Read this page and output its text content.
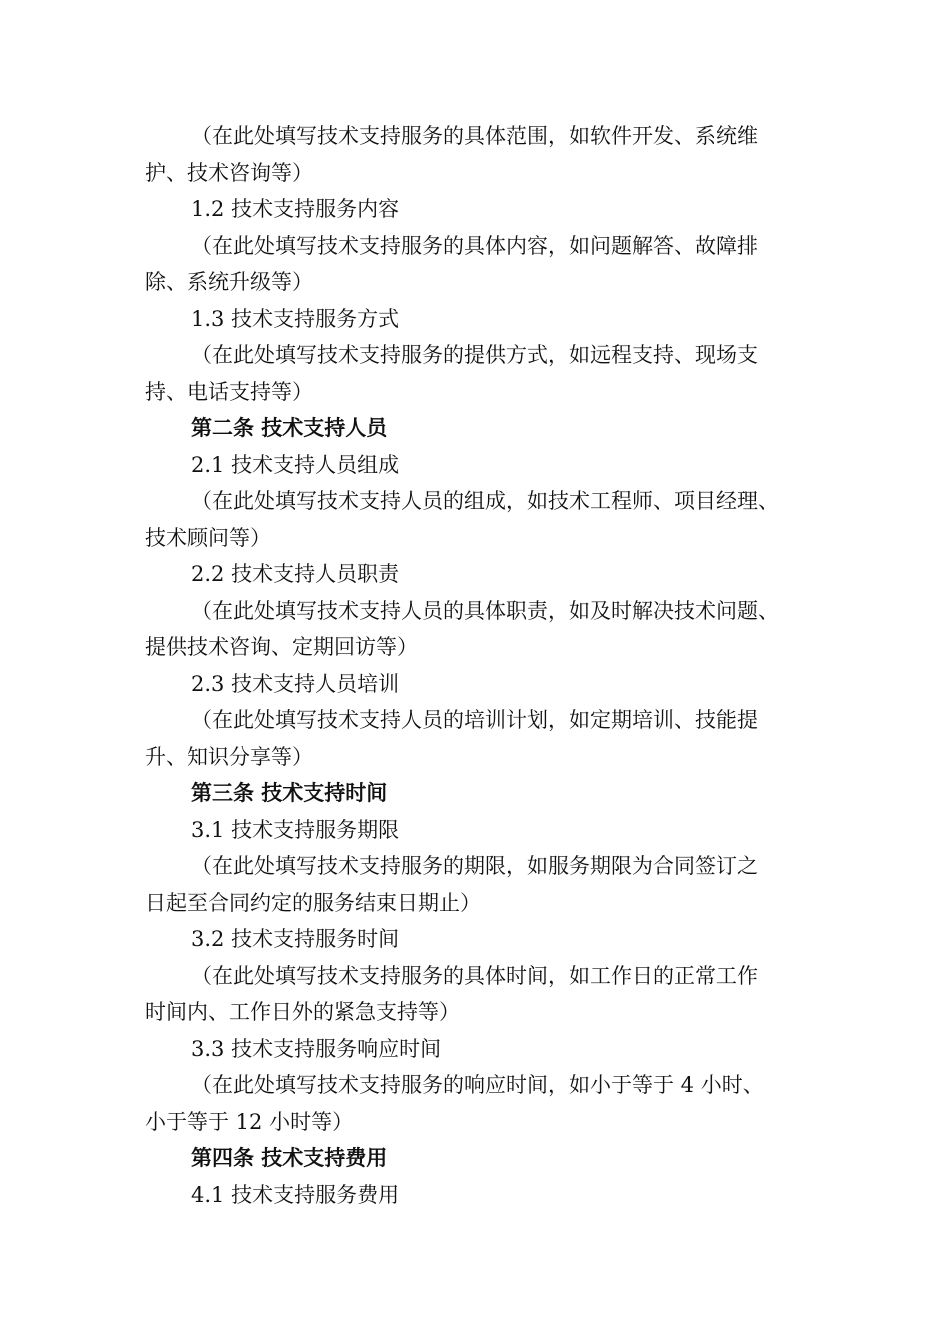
（在此处填写技术支持服务的具体范围，如软件开发、系统维
护、技术咨询等）
1.2 技术支持服务内容
（在此处填写技术支持服务的具体内容，如问题解答、故障排
除、系统升级等）
1.3 技术支持服务方式
（在此处填写技术支持服务的提供方式，如远程支持、现场支
持、电话支持等）
第二条 技术支持人员
2.1 技术支持人员组成
（在此处填写技术支持人员的组成，如技术工程师、项目经理、
技术顾问等）
2.2 技术支持人员职责
（在此处填写技术支持人员的具体职责，如及时解决技术问题、
提供技术咨询、定期回访等）
2.3 技术支持人员培训
（在此处填写技术支持人员的培训计划，如定期培训、技能提
升、知识分享等）
第三条 技术支持时间
3.1 技术支持服务期限
（在此处填写技术支持服务的期限，如服务期限为合同签订之
日起至合同约定的服务结束日期止）
3.2 技术支持服务时间
（在此处填写技术支持服务的具体时间，如工作日的正常工作
时间内、工作日外的紧急支持等）
3.3 技术支持服务响应时间
（在此处填写技术支持服务的响应时间，如小于等于 4 小时、
小于等于 12 小时等）
第四条 技术支持费用
4.1 技术支持服务费用
